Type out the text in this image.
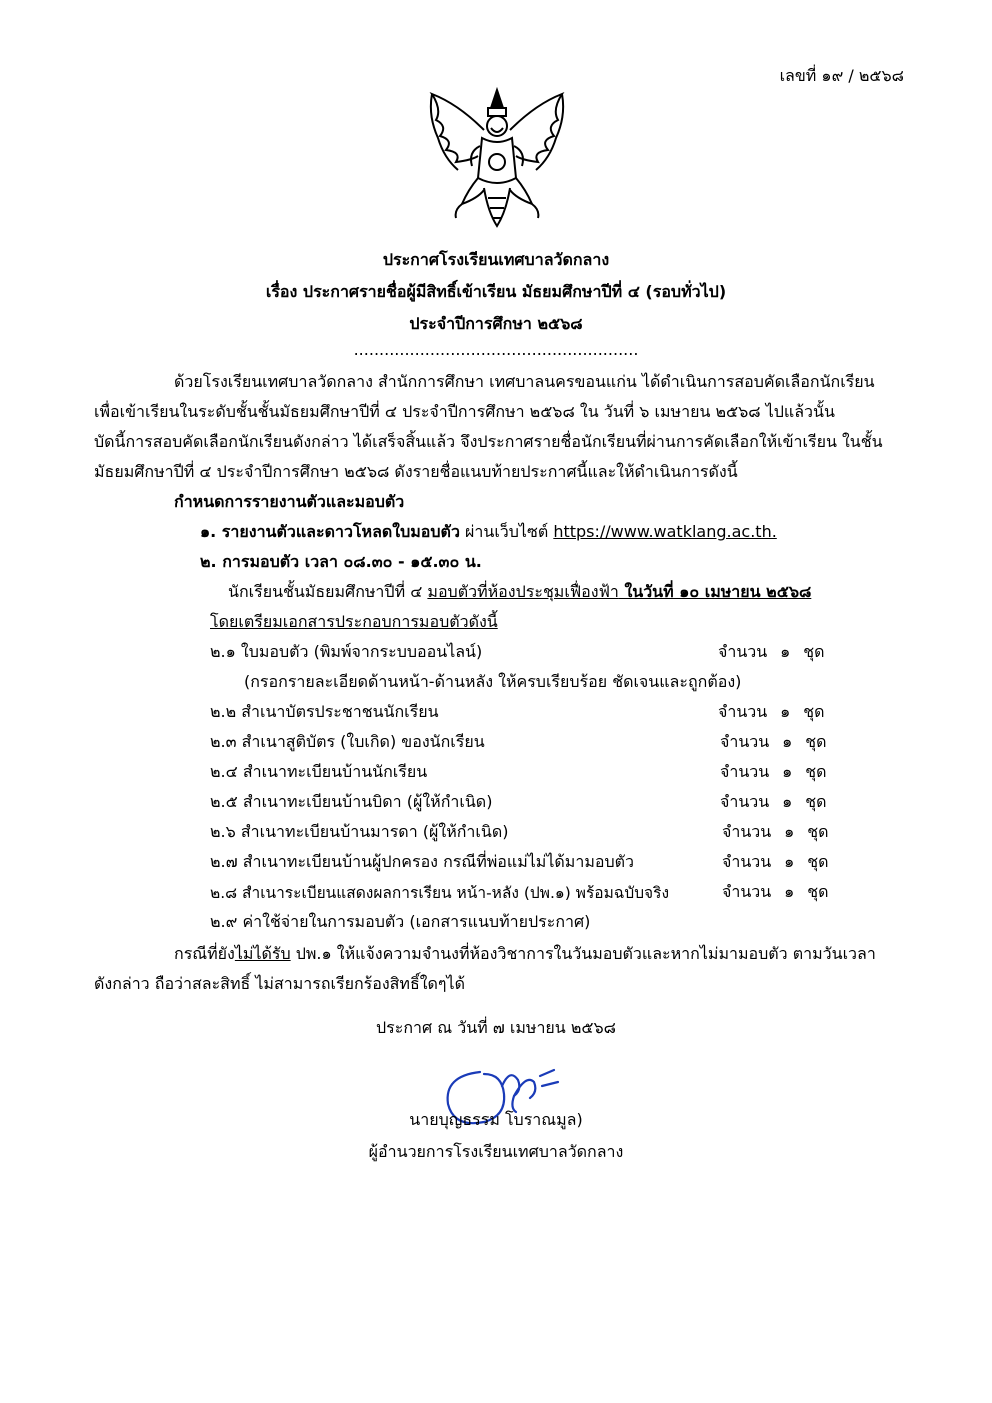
เลขที่ ๑๙ / ๒๕๖๘
ประกาศโรงเรียนเทศบาลวัดกลาง
เรื่อง ประกาศรายชื่อผู้มีสิทธิ์เข้าเรียน มัธยมศึกษาปีที่ ๔ (รอบทั่วไป)
ประจำปีการศึกษา ๒๕๖๘
........................................................
ด้วยโรงเรียนเทศบาลวัดกลาง สำนักการศึกษา เทศบาลนครขอนแก่น ได้ดำเนินการสอบคัดเลือกนักเรียน
เพื่อเข้าเรียนในระดับชั้นชั้นมัธยมศึกษาปีที่ ๔ ประจำปีการศึกษา ๒๕๖๘ ใน วันที่ ๖ เมษายน ๒๕๖๘ ไปแล้วนั้น
บัดนี้การสอบคัดเลือกนักเรียนดังกล่าว ได้เสร็จสิ้นแล้ว จึงประกาศรายชื่อนักเรียนที่ผ่านการคัดเลือกให้เข้าเรียน ในชั้น
มัธยมศึกษาปีที่ ๔ ประจำปีการศึกษา ๒๕๖๘ ดังรายชื่อแนบท้ายประกาศนี้และให้ดำเนินการดังนี้
กำหนดการรายงานตัวและมอบตัว
๑. รายงานตัวและดาวโหลดใบมอบตัว ผ่านเว็บไซต์ https://www.watklang.ac.th.
๒. การมอบตัว เวลา ๐๘.๓๐ - ๑๕.๓๐ น.
นักเรียนชั้นมัธยมศึกษาปีที่ ๔ มอบตัวที่ห้องประชุมเฟื่องฟ้า ในวันที่ ๑๐ เมษายน ๒๕๖๘
โดยเตรียมเอกสารประกอบการมอบตัวดังนี้
๒.๑ ใบมอบตัว (พิมพ์จากระบบออนไลน์)	จำนวน ๑ ชุด
(กรอกรายละเอียดด้านหน้า-ด้านหลัง ให้ครบเรียบร้อย ชัดเจนและถูกต้อง)
๒.๒ สำเนาบัตรประชาชนนักเรียน	จำนวน ๑ ชุด
๒.๓ สำเนาสูติบัตร (ใบเกิด) ของนักเรียน	จำนวน ๑ ชุด
๒.๔ สำเนาทะเบียนบ้านนักเรียน	จำนวน ๑ ชุด
๒.๕ สำเนาทะเบียนบ้านบิดา (ผู้ให้กำเนิด)	จำนวน ๑ ชุด
๒.๖ สำเนาทะเบียนบ้านมารดา (ผู้ให้กำเนิด)	จำนวน ๑ ชุด
๒.๗ สำเนาทะเบียนบ้านผู้ปกครอง กรณีที่พ่อแม่ไม่ได้มามอบตัว	จำนวน ๑ ชุด
๒.๘ สำเนาระเบียนแสดงผลการเรียน หน้า-หลัง (ปพ.๑) พร้อมฉบับจริง	จำนวน ๑ ชุด
๒.๙ ค่าใช้จ่ายในการมอบตัว (เอกสารแนบท้ายประกาศ)
กรณีที่ยังไม่ได้รับ ปพ.๑ ให้แจ้งความจำนงที่ห้องวิชาการในวันมอบตัวและหากไม่มามอบตัว ตามวันเวลา
ดังกล่าว ถือว่าสละสิทธิ์ ไม่สามารถเรียกร้องสิทธิ์ใดๆได้
ประกาศ ณ วันที่ ๗ เมษายน ๒๕๖๘
นายบุญธรรม โบราณมูล)
ผู้อำนวยการโรงเรียนเทศบาลวัดกลาง
